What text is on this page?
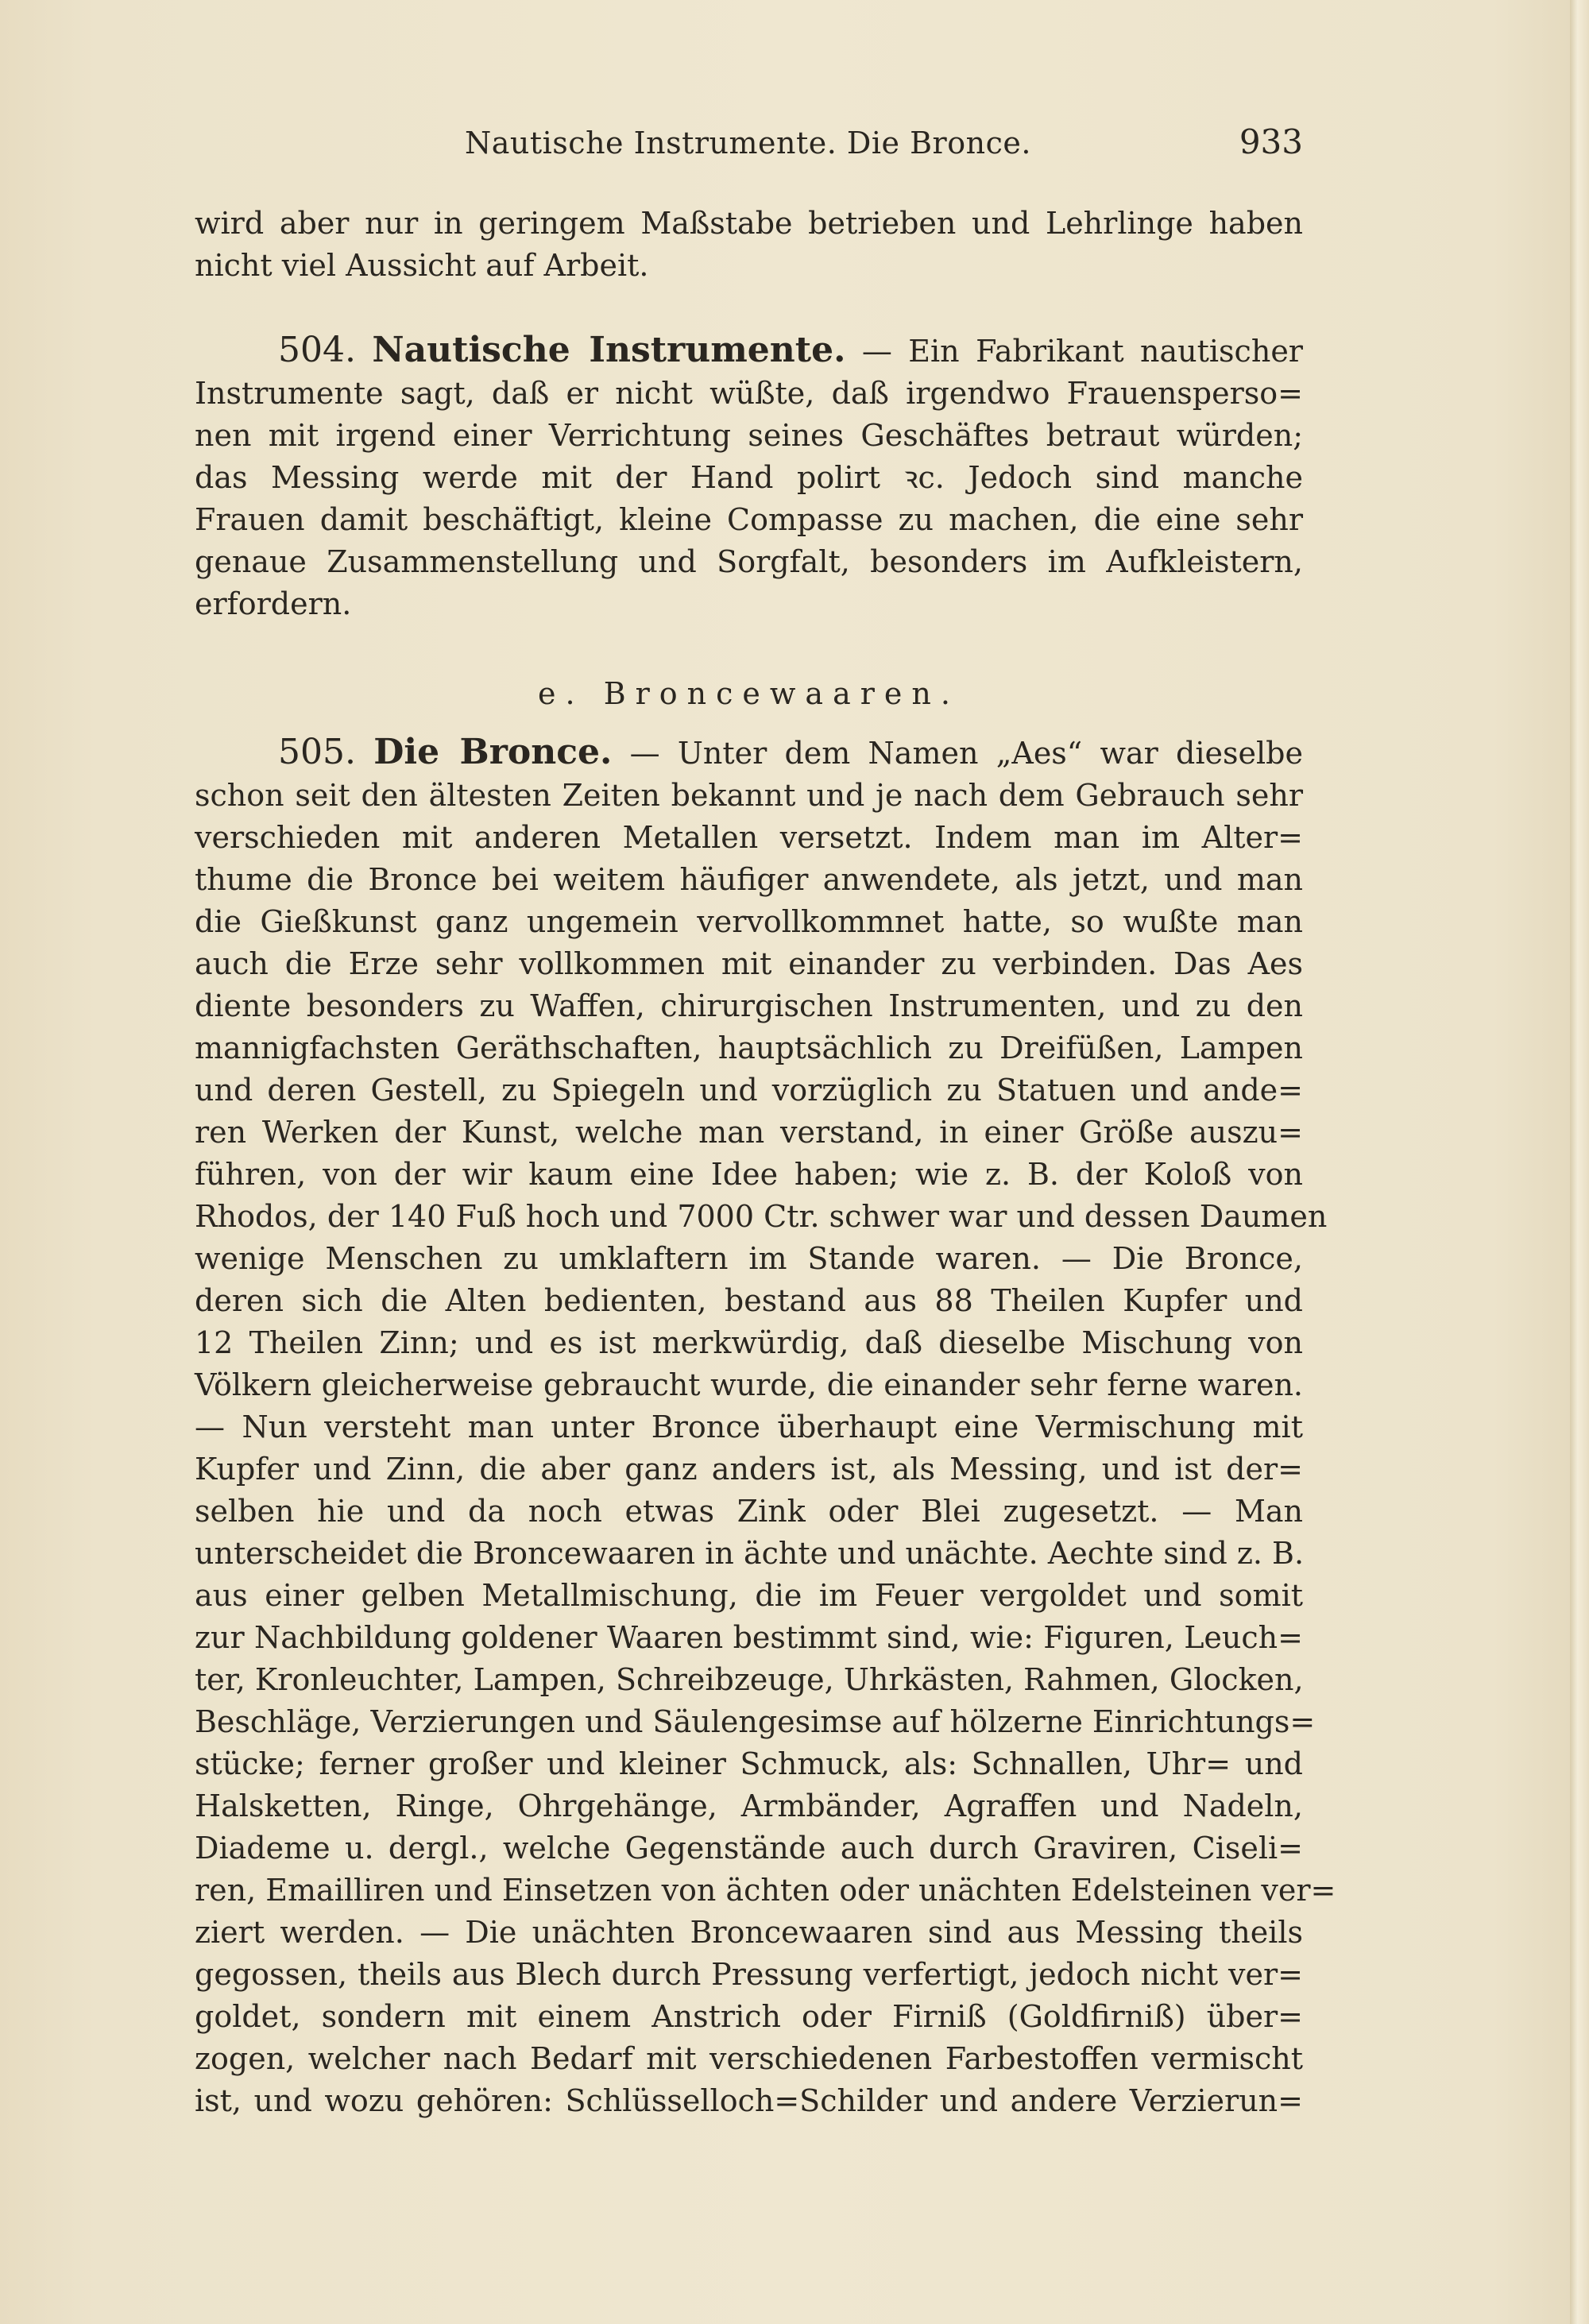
Nautische Instrumente. Die Bronce.	933
wird aber nur in geringem Maßstabe betrieben und Lehrlinge haben
nicht viel Aussicht auf Arbeit.
504. Nautische Instrumente. — Ein Fabrikant nautischer
Instrumente sagt, daß er nicht wüßte, daß irgendwo Frauensperso=
nen mit irgend einer Verrichtung seines Geschäftes betraut würden;
das Messing werde mit der Hand polirt ꝛc. Jedoch sind manche
Frauen damit beschäftigt, kleine Compasse zu machen, die eine sehr
genaue Zusammenstellung und Sorgfalt, besonders im Aufkleistern,
erfordern.
e. Broncewaaren.
505. Die Bronce. — Unter dem Namen „Aes“ war dieselbe
schon seit den ältesten Zeiten bekannt und je nach dem Gebrauch sehr
verschieden mit anderen Metallen versetzt. Indem man im Alter=
thume die Bronce bei weitem häufiger anwendete, als jetzt, und man
die Gießkunst ganz ungemein vervollkommnet hatte, so wußte man
auch die Erze sehr vollkommen mit einander zu verbinden. Das Aes
diente besonders zu Waffen, chirurgischen Instrumenten, und zu den
mannigfachsten Geräthschaften, hauptsächlich zu Dreifüßen, Lampen
und deren Gestell, zu Spiegeln und vorzüglich zu Statuen und ande=
ren Werken der Kunst, welche man verstand, in einer Größe auszu=
führen, von der wir kaum eine Idee haben; wie z. B. der Koloß von
Rhodos, der 140 Fuß hoch und 7000 Ctr. schwer war und dessen Daumen
wenige Menschen zu umklaftern im Stande waren. — Die Bronce,
deren sich die Alten bedienten, bestand aus 88 Theilen Kupfer und
12 Theilen Zinn; und es ist merkwürdig, daß dieselbe Mischung von
Völkern gleicherweise gebraucht wurde, die einander sehr ferne waren.
— Nun versteht man unter Bronce überhaupt eine Vermischung mit
Kupfer und Zinn, die aber ganz anders ist, als Messing, und ist der=
selben hie und da noch etwas Zink oder Blei zugesetzt. — Man
unterscheidet die Broncewaaren in ächte und unächte. Aechte sind z. B.
aus einer gelben Metallmischung, die im Feuer vergoldet und somit
zur Nachbildung goldener Waaren bestimmt sind, wie: Figuren, Leuch=
ter, Kronleuchter, Lampen, Schreibzeuge, Uhrkästen, Rahmen, Glocken,
Beschläge, Verzierungen und Säulengesimse auf hölzerne Einrichtungs=
stücke; ferner großer und kleiner Schmuck, als: Schnallen, Uhr= und
Halsketten, Ringe, Ohrgehänge, Armbänder, Agraffen und Nadeln,
Diademe u. dergl., welche Gegenstände auch durch Graviren, Ciseli=
ren, Emailliren und Einsetzen von ächten oder unächten Edelsteinen ver=
ziert werden. — Die unächten Broncewaaren sind aus Messing theils
gegossen, theils aus Blech durch Pressung verfertigt, jedoch nicht ver=
goldet, sondern mit einem Anstrich oder Firniß (Goldfirniß) über=
zogen, welcher nach Bedarf mit verschiedenen Farbestoffen vermischt
ist, und wozu gehören: Schlüsselloch=Schilder und andere Verzierun=
